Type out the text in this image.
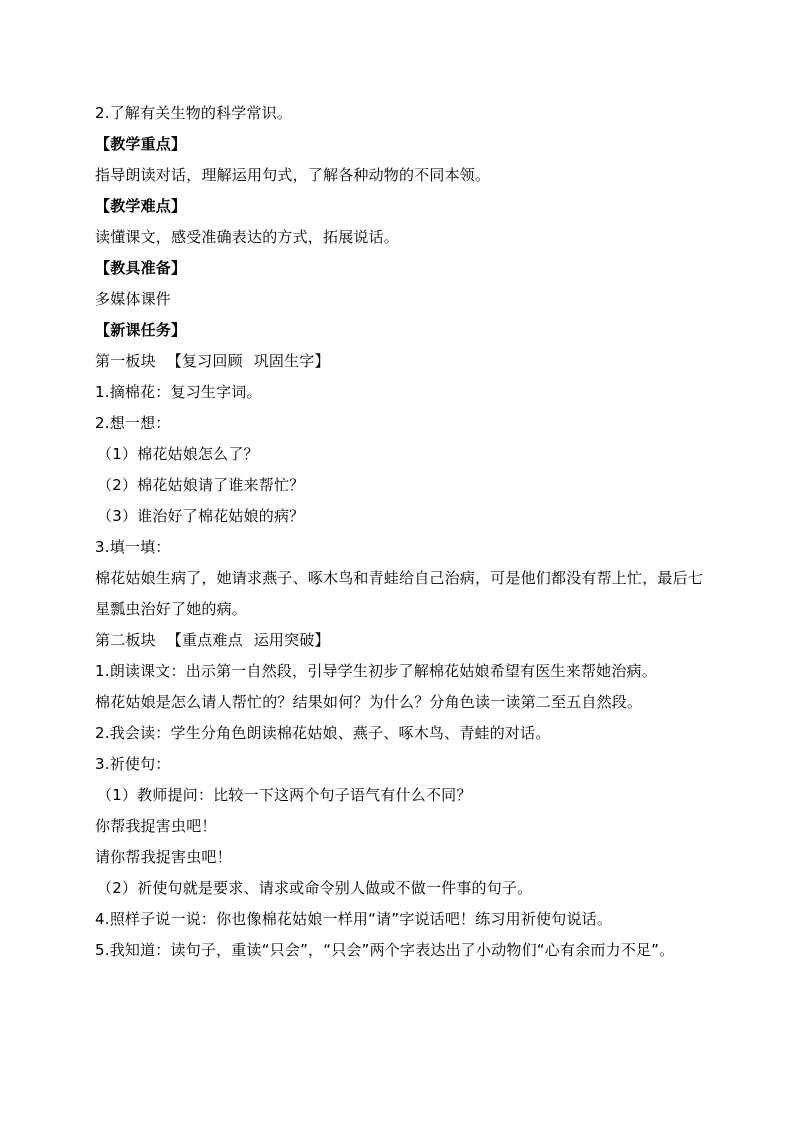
2.了解有关生物的科学常识。
【教学重点】
指导朗读对话，理解运用句式，了解各种动物的不同本领。
【教学难点】
读懂课文，感受准确表达的方式，拓展说话。
【教具准备】
多媒体课件
【新课任务】
第一板块 【复习回顾 巩固生字】
1.摘棉花：复习生字词。
2.想一想：
（1）棉花姑娘怎么了？
（2）棉花姑娘请了谁来帮忙？
（3）谁治好了棉花姑娘的病？
3.填一填：
棉花姑娘生病了，她请求燕子、啄木鸟和青蛙给自己治病，可是他们都没有帮上忙，最后七星瓢虫治好了她的病。
第二板块 【重点难点 运用突破】
1.朗读课文：出示第一自然段，引导学生初步了解棉花姑娘希望有医生来帮她治病。
棉花姑娘是怎么请人帮忙的？结果如何？为什么？分角色读一读第二至五自然段。
2.我会读：学生分角色朗读棉花姑娘、燕子、啄木鸟、青蛙的对话。
3.祈使句：
（1）教师提问：比较一下这两个句子语气有什么不同？
你帮我捉害虫吧！
请你帮我捉害虫吧！
（2）祈使句就是要求、请求或命令别人做或不做一件事的句子。
4.照样子说一说：你也像棉花姑娘一样用“请”字说话吧！练习用祈使句说话。
5.我知道：读句子，重读“只会”，“只会”两个字表达出了小动物们“心有余而力不足”。
